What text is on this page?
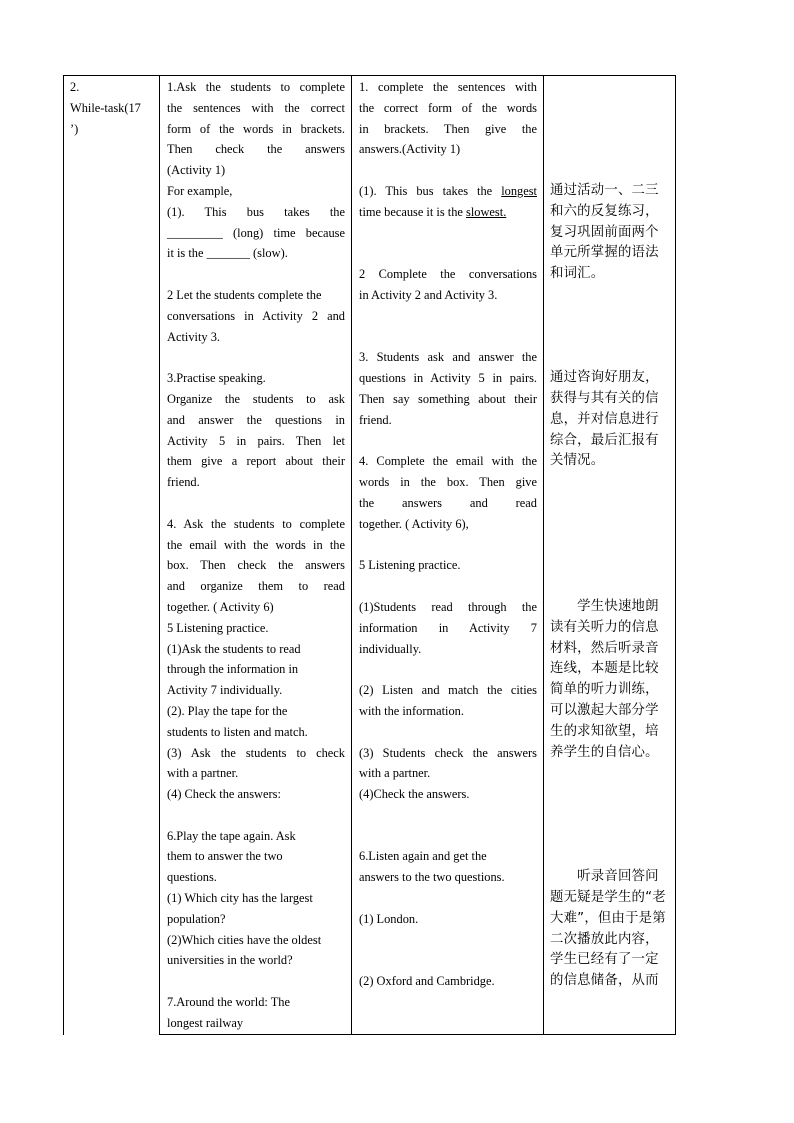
2.

While-task(17

’)

1.Ask the students to complete

the sentences with the correct

form of the words in brackets.

Then check the answers

(Activity 1)

For example,

(1). This bus takes the

_________ (long) time because

it is the _______ (slow).

2 Let the students complete the

conversations in Activity 2 and

Activity 3.

3.Practise speaking.

Organize the students to ask

and answer the questions in

Activity 5 in pairs. Then let

them give a report about their

friend.

4. Ask the students to complete

the email with the words in the

box. Then check the answers

and organize them to read

together. ( Activity 6)

5 Listening practice.

(1)Ask the students to read

through the information in

Activity 7 individually.

(2). Play the tape for the

students to listen and match.

(3) Ask the students to check

with a partner.

(4) Check the answers:

6.Play the tape again. Ask

them to answer the two

questions.

(1) Which city has the largest

population?

(2)Which cities have the oldest

universities in the world?

7.Around the world: The

longest railway

1. complete the sentences with

the correct form of the words

in brackets. Then give the

answers.(Activity 1)

(1). This bus takes the longest

time because it is the slowest.

2 Complete the conversations

in Activity 2 and Activity 3.

3. Students ask and answer the

questions in Activity 5 in pairs.

Then say something about their

friend.

4. Complete the email with the

words in the box. Then give

the answers and read

together. ( Activity 6),

5 Listening practice.

(1)Students read through the

information in Activity 7

individually.

(2) Listen and match the cities

with the information.

(3) Students check the answers

with a partner.

(4)Check the answers.

6.Listen again and get the

answers to the two questions.

(1) London.

(2) Oxford and Cambridge.

通过活动一、二三

和六的反复练习，

复习巩固前面两个

单元所掌握的语法

和词汇。

通过咨询好朋友，

获得与其有关的信

息，并对信息进行

综合，最后汇报有

关情况。

　　学生快速地朗

读有关听力的信息

材料，然后听录音

连线，本题是比较

简单的听力训练，

可以激起大部分学

生的求知欲望，培

养学生的自信心。

　　听录音回答问

题无疑是学生的“老

大难”，但由于是第

二次播放此内容，

学生已经有了一定

的信息储备，从而
